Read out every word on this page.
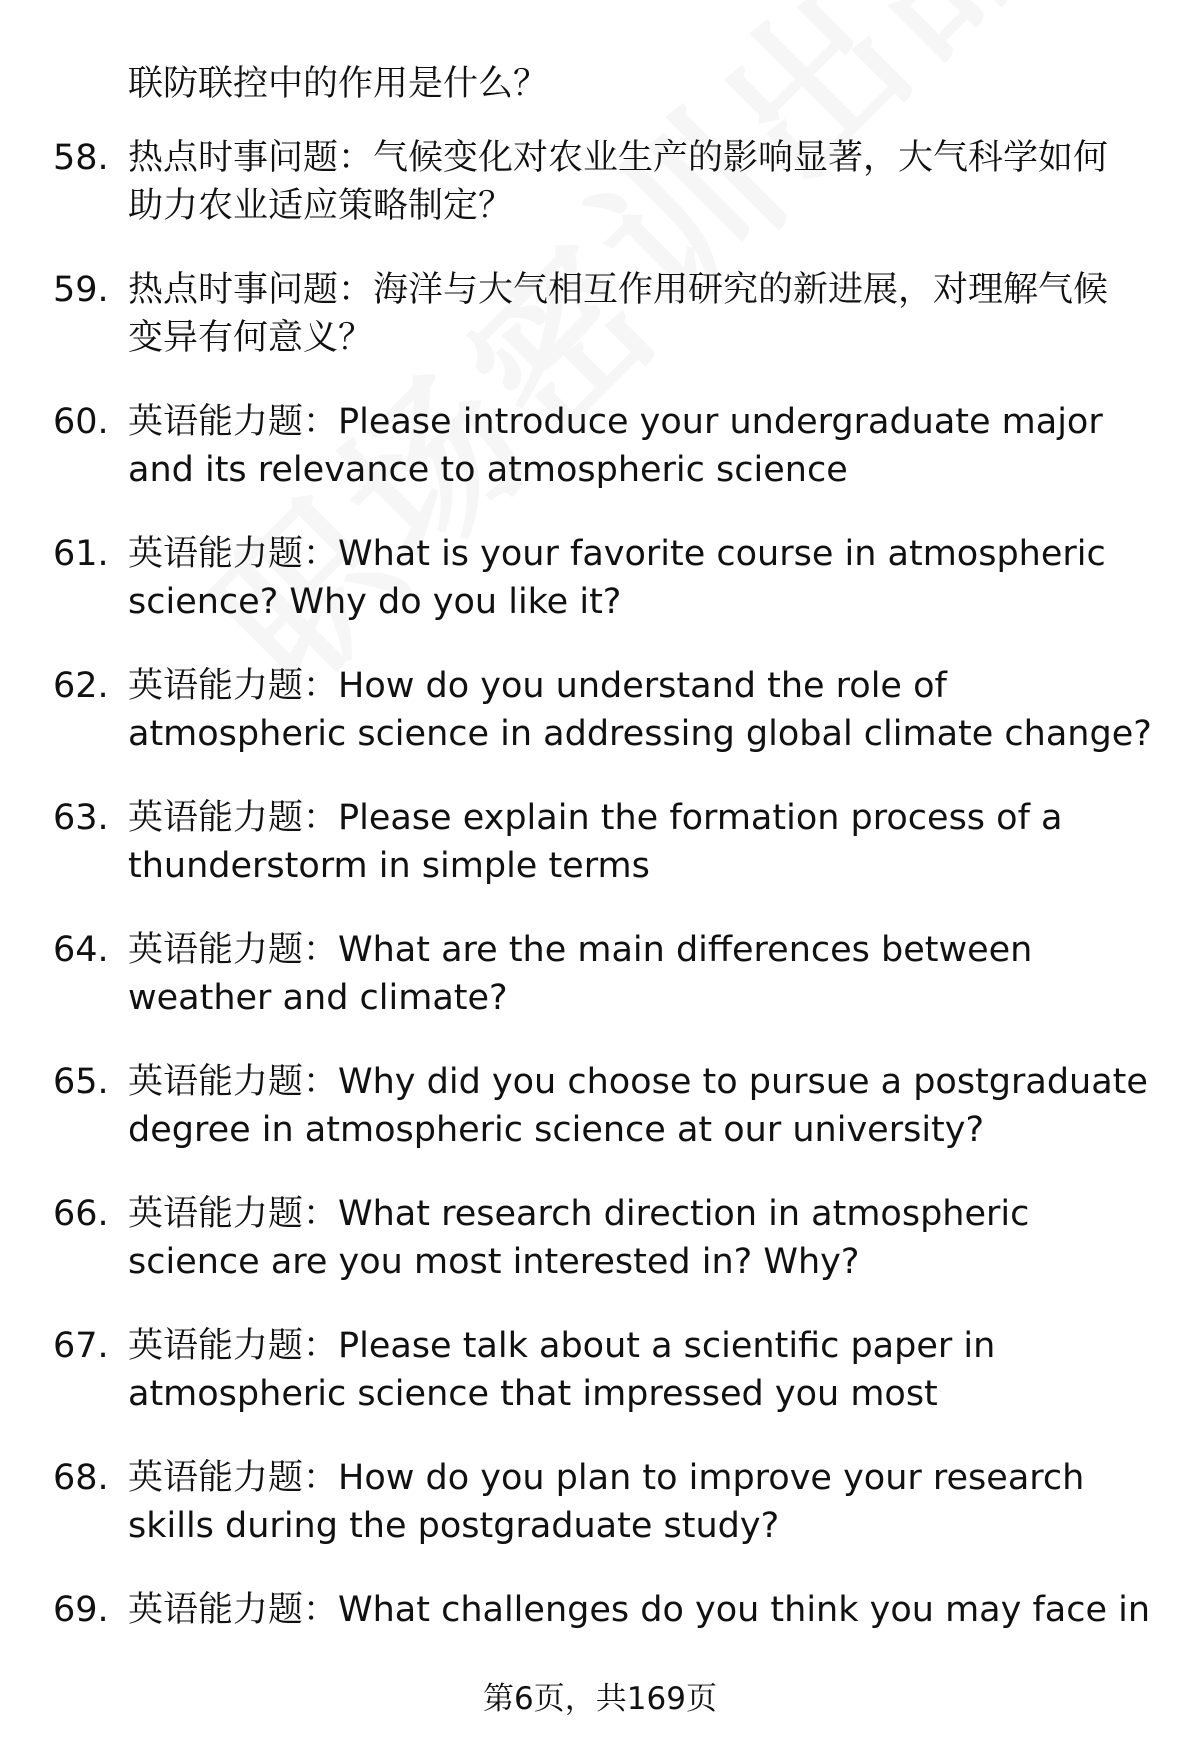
联防联控中的作用是什么？
58. 热点时事问题：气候变化对农业生产的影响显著，大气科学如何
助力农业适应策略制定？
59. 热点时事问题：海洋与大气相互作用研究的新进展，对理解气候
变异有何意义？
60. 英语能力题：Please introduce your undergraduate major
and its relevance to atmospheric science
61. 英语能力题：What is your favorite course in atmospheric
science? Why do you like it?
62. 英语能力题：How do you understand the role of
atmospheric science in addressing global climate change?
63. 英语能力题：Please explain the formation process of a
thunderstorm in simple terms
64. 英语能力题：What are the main differences between
weather and climate?
65. 英语能力题：Why did you choose to pursue a postgraduate
degree in atmospheric science at our university?
66. 英语能力题：What research direction in atmospheric
science are you most interested in? Why?
67. 英语能力题：Please talk about a scientific paper in
atmospheric science that impressed you most
68. 英语能力题：How do you plan to improve your research
skills during the postgraduate study?
69. 英语能力题：What challenges do you think you may face in
第6页，共169页
